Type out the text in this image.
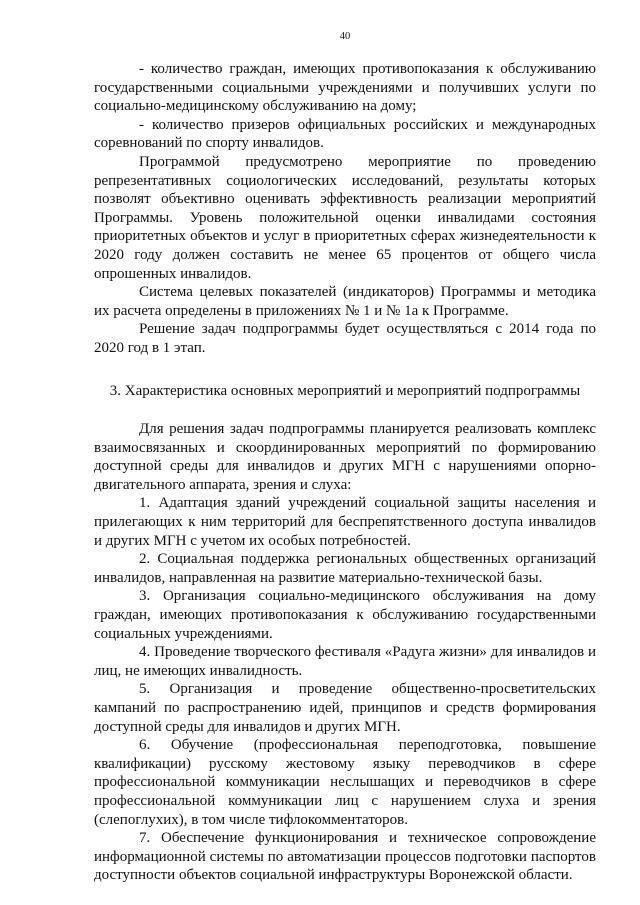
40

- количество граждан, имеющих противопоказания к обслуживанию государственными социальными учреждениями и получивших услуги по социально-медицинскому обслуживанию на дому;

- количество призеров официальных российских и международных соревнований по спорту инвалидов.

Программой предусмотрено мероприятие по проведению репрезентативных социологических исследований, результаты которых позволят объективно оценивать эффективность реализации мероприятий Программы. Уровень положительной оценки инвалидами состояния приоритетных объектов и услуг в приоритетных сферах жизнедеятельности к 2020 году должен составить не менее 65 процентов от общего числа опрошенных инвалидов.

Система целевых показателей (индикаторов) Программы и методика их расчета определены в приложениях № 1 и № 1а к Программе.

Решение задач подпрограммы будет осуществляться с 2014 года по 2020 год в 1 этап.

3. Характеристика основных мероприятий и мероприятий подпрограммы

Для решения задач подпрограммы планируется реализовать комплекс взаимосвязанных и скоординированных мероприятий по формированию доступной среды для инвалидов и других МГН с нарушениями опорно-двигательного аппарата, зрения и слуха:

1. Адаптация зданий учреждений социальной защиты населения и прилегающих к ним территорий для беспрепятственного доступа инвалидов и других МГН с учетом их особых потребностей.

2. Социальная поддержка региональных общественных организаций инвалидов, направленная на развитие материально-технической базы.

3. Организация социально-медицинского обслуживания на дому граждан, имеющих противопоказания к обслуживанию государственными социальных учреждениями.

4. Проведение творческого фестиваля «Радуга жизни» для инвалидов и лиц, не имеющих инвалидность.

5. Организация и проведение общественно-просветительских кампаний по распространению идей, принципов и средств формирования доступной среды для инвалидов и других МГН.

6. Обучение (профессиональная переподготовка, повышение квалификации) русскому жестовому языку переводчиков в сфере профессиональной коммуникации неслышащих и переводчиков в сфере профессиональной коммуникации лиц с нарушением слуха и зрения (слепоглухих), в том числе тифлокомментаторов.

7. Обеспечение функционирования и техническое сопровождение информационной системы по автоматизации процессов подготовки паспортов доступности объектов социальной инфраструктуры Воронежской области.
